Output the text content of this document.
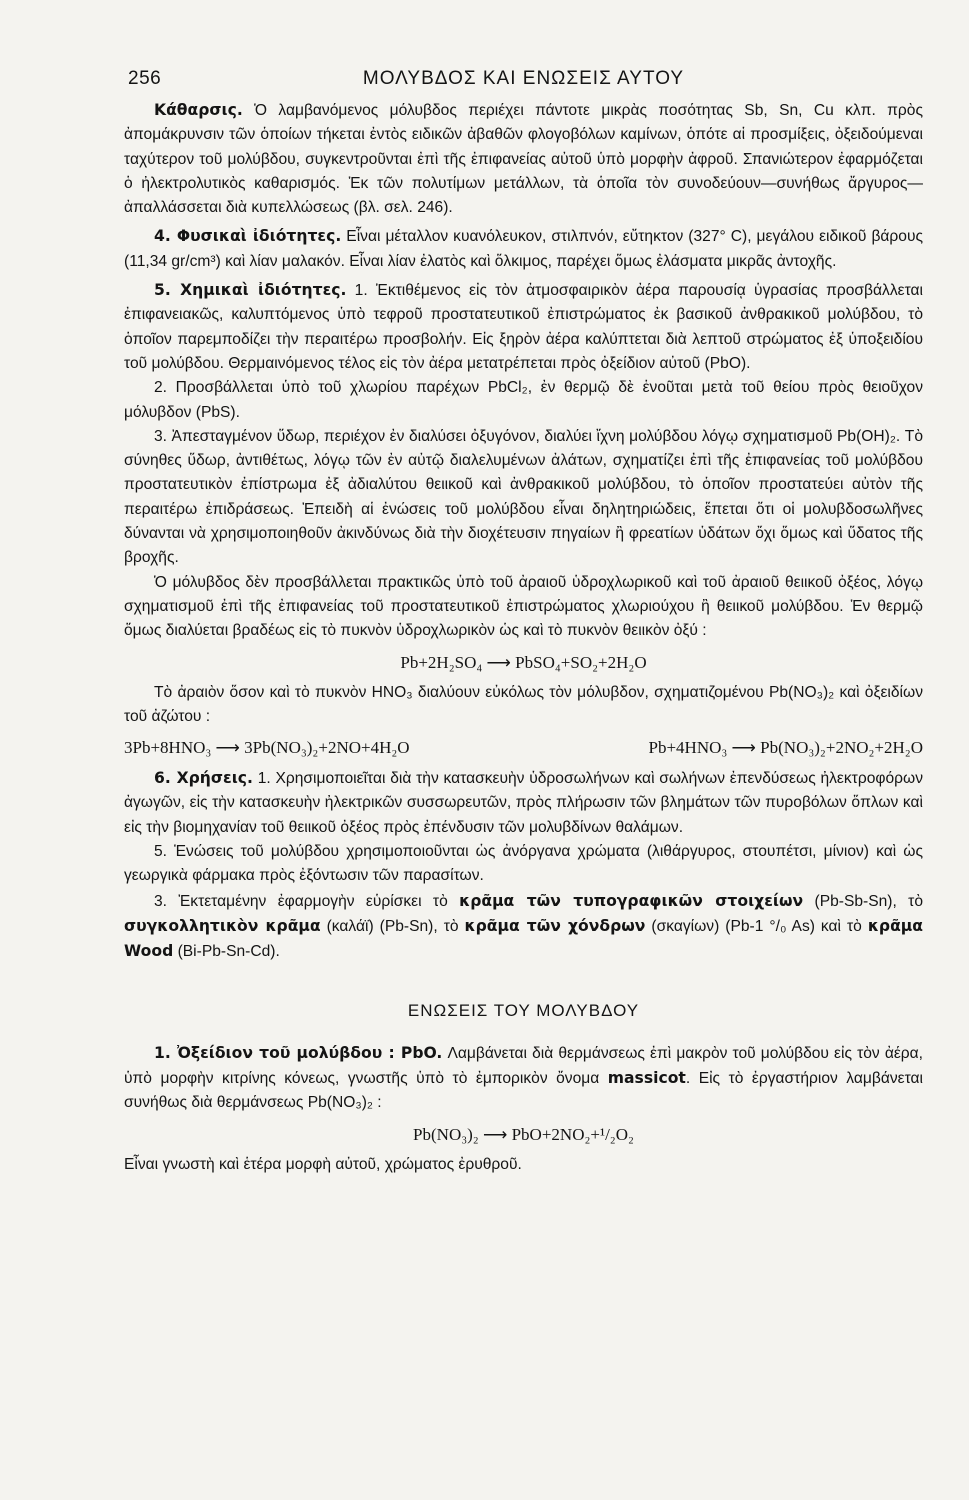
256	ΜΟΛΥΒΔΟΣ ΚΑΙ ΕΝΩΣΕΙΣ ΑΥΤΟΥ

Κάθαρσις. Ὁ λαμβανόμενος μόλυβδος περιέχει πάντοτε μικρὰς ποσότητας Sb, Sn, Cu κλπ. πρὸς ἀπομάκρυνσιν τῶν ὁποίων τήκεται ἐντὸς ειδικῶν ἀβαθῶν φλογοβόλων καμίνων, ὁπότε αἱ προσμίξεις, ὀξειδούμεναι ταχύτερον τοῦ μολύβδου, συγκεντροῦνται ἐπὶ τῆς ἐπιφανείας αὐτοῦ ὑπὸ μορφὴν ἀφροῦ. Σπανιώτερον ἐφαρμόζεται ὁ ἠλεκτρολυτικὸς καθαρισμός. Ἐκ τῶν πολυτίμων μετάλλων, τὰ ὁποῖα τὸν συνοδεύουν—συνήθως ἄργυρος—ἀπαλλάσσεται διὰ κυπελλώσεως (βλ. σελ. 246).

4. Φυσικαὶ ἰδιότητες. Εἶναι μέταλλον κυανόλευκον, στιλπνόν, εὔτηκτον (327° C), μεγάλου ειδικοῦ βάρους (11,34 gr/cm³) καὶ λίαν μαλακόν. Εἶναι λίαν ἐλατὸς καὶ ὅλκιμος, παρέχει ὅμως ἐλάσματα μικρᾶς ἀντοχῆς.

5. Χημικαὶ ἰδιότητες. 1. Ἐκτιθέμενος εἰς τὸν ἀτμοσφαιρικὸν ἀέρα παρουσίᾳ ὑγρασίας προσβάλλεται ἐπιφανειακῶς, καλυπτόμενος ὑπὸ τεφροῦ προστατευτικοῦ ἐπιστρώματος ἐκ βασικοῦ ἀνθρακικοῦ μολύβδου, τὸ ὁποῖον παρεμποδίζει τὴν περαιτέρω προσβολήν. Εἰς ξηρὸν ἀέρα καλύπτεται διὰ λεπτοῦ στρώματος ἐξ ὑποξειδίου τοῦ μολύβδου. Θερμαινόμενος τέλος εἰς τὸν ἀέρα μετατρέπεται πρὸς ὀξείδιον αὐτοῦ (PbO).

2. Προσβάλλεται ὑπὸ τοῦ χλωρίου παρέχων PbCl₂, ἐν θερμῷ δὲ ἑνοῦται μετὰ τοῦ θείου πρὸς θειοῦχον μόλυβδον (PbS).

3. Ἀπεσταγμένον ὕδωρ, περιέχον ἐν διαλύσει ὀξυγόνον, διαλύει ἴχνη μολύβδου λόγῳ σχηματισμοῦ Pb(OH)₂. Τὸ σύνηθες ὕδωρ, ἀντιθέτως, λόγῳ τῶν ἐν αὐτῷ διαλελυμένων ἀλάτων, σχηματίζει ἐπὶ τῆς ἐπιφανείας τοῦ μολύβδου προστατευτικὸν ἐπίστρωμα ἐξ ἀδιαλύτου θειικοῦ καὶ ἀνθρακικοῦ μολύβδου, τὸ ὁποῖον προστατεύει αὐτὸν τῆς περαιτέρω ἐπιδράσεως. Ἐπειδὴ αἱ ἐνώσεις τοῦ μολύβδου εἶναι δηλητηριώδεις, ἕπεται ὅτι οἱ μολυβδοσωλῆνες δύνανται νὰ χρησιμοποιηθοῦν ἀκινδύνως διὰ τὴν διοχέτευσιν πηγαίων ἢ φρεατίων ὑδάτων ὄχι ὅμως καὶ ὕδατος τῆς βροχῆς.

Ὁ μόλυβδος δὲν προσβάλλεται πρακτικῶς ὑπὸ τοῦ ἀραιοῦ ὑδροχλωρικοῦ καὶ τοῦ ἀραιοῦ θειικοῦ ὀξέος, λόγῳ σχηματισμοῦ ἐπὶ τῆς ἐπιφανείας τοῦ προστατευτικοῦ ἐπιστρώματος χλωριούχου ἢ θειικοῦ μολύβδου. Ἐν θερμῷ ὅμως διαλύεται βραδέως εἰς τὸ πυκνὸν ὑδροχλωρικὸν ὡς καὶ τὸ πυκνὸν θειικὸν ὀξύ :

Pb+2H₂SO₄ ⟶ PbSO₄+SO₂+2H₂O

Τὸ ἀραιὸν ὅσον καὶ τὸ πυκνὸν HNO₃ διαλύουν εὐκόλως τὸν μόλυβδον, σχηματιζομένου Pb(NO₃)₂ καὶ ὀξειδίων τοῦ ἀζώτου :

3Pb+8HNO₃ ⟶ 3Pb(NO₃)₂+2NO+4H₂O	Pb+4HNO₃ ⟶ Pb(NO₃)₂+2NO₂+2H₂O

6. Χρήσεις. 1. Χρησιμοποιεῖται διὰ τὴν κατασκευὴν ὑδροσωλήνων καὶ σωλήνων ἐπενδύσεως ἠλεκτροφόρων ἀγωγῶν, εἰς τὴν κατασκευὴν ἠλεκτρικῶν συσσωρευτῶν, πρὸς πλήρωσιν τῶν βλημάτων τῶν πυροβόλων ὅπλων καὶ εἰς τὴν βιομηχανίαν τοῦ θειικοῦ ὀξέος πρὸς ἐπένδυσιν τῶν μολυβδίνων θαλάμων.

5. Ἑνώσεις τοῦ μολύβδου χρησιμοποιοῦνται ὡς ἀνόργανα χρώματα (λιθάργυρος, στουπέτσι, μίνιον) καὶ ὡς γεωργικὰ φάρμακα πρὸς ἐξόντωσιν τῶν παρασίτων.

3. Ἐκτεταμένην ἐφαρμογὴν εὑρίσκει τὸ κρᾶμα τῶν τυπογραφικῶν στοιχείων (Pb-Sb-Sn), τὸ συγκολλητικὸν κρᾶμα (καλάϊ) (Pb-Sn), τὸ κρᾶμα τῶν χόνδρων (σκαγίων) (Pb-1 °/₀ As) καὶ τὸ κρᾶμα Wood (Bi-Pb-Sn-Cd).

ΕΝΩΣΕΙΣ ΤΟΥ ΜΟΛΥΒΔΟΥ

1. Ὀξείδιον τοῦ μολύβδου : PbO. Λαμβάνεται διὰ θερμάνσεως ἐπὶ μακρὸν τοῦ μολύβδου εἰς τὸν ἀέρα, ὑπὸ μορφὴν κιτρίνης κόνεως, γνωστῆς ὑπὸ τὸ ἐμπορικὸν ὄνομα massicot. Εἰς τὸ ἐργαστήριον λαμβάνεται συνήθως διὰ θερμάνσεως Pb(NO₃)₂ :

Pb(NO₃)₂ ⟶ PbO+2NO₂+¹/₂O₂

Εἶναι γνωστὴ καὶ ἑτέρα μορφὴ αὐτοῦ, χρώματος ἐρυθροῦ.
